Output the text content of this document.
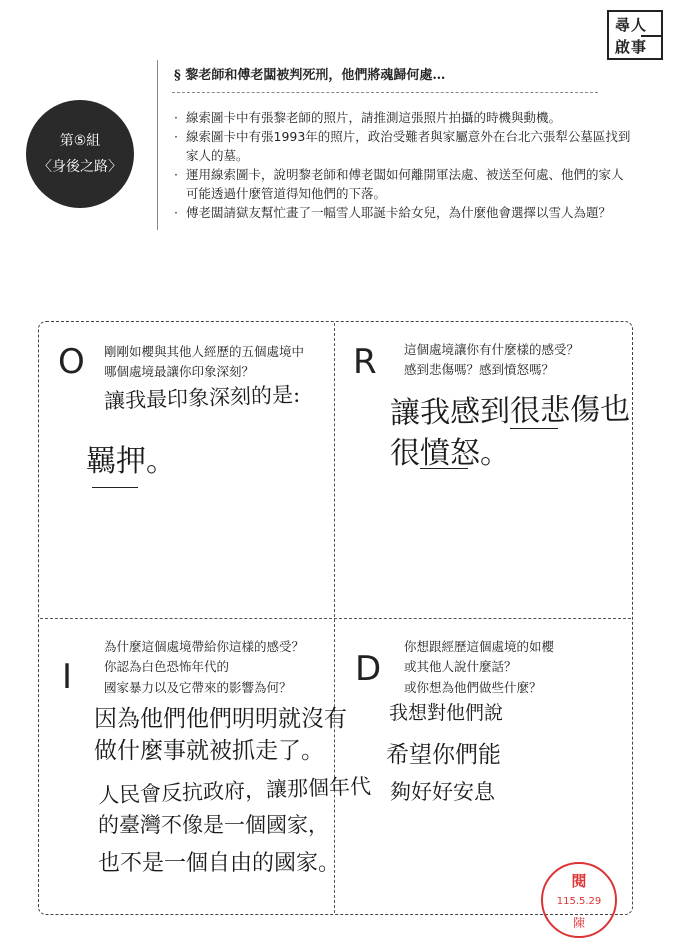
尋人
啟事
第⑤組
〈身後之路〉
§ 黎老師和傅老闆被判死刑，他們將魂歸何處…
· 線索圖卡中有張黎老師的照片，請推測這張照片拍攝的時機與動機。
· 線索圖卡中有張1993年的照片，政治受難者與家屬意外在台北六張犁公墓區找到
家人的墓。
· 運用線索圖卡，說明黎老師和傅老闆如何離開軍法處、被送至何處、他們的家人
可能透過什麼管道得知他們的下落。
· 傅老闆請獄友幫忙畫了一幅雪人耶誕卡給女兒，為什麼他會選擇以雪人為題？
O 剛剛如櫻與其他人經歷的五個處境中
哪個處境最讓你印象深刻？
讓我最印象深刻的是:
羈押。
R 這個處境讓你有什麼樣的感受？
感到悲傷嗎？感到憤怒嗎？
讓我感到很悲傷也
很憤怒。
I
為什麼這個處境帶給你這樣的感受？
你認為白色恐怖年代的
國家暴力以及它帶來的影響為何？
因為他們他們明明就沒有
做什麼事就被抓走了。
人民會反抗政府，讓那個年代
的臺灣不像是一個國家，
也不是一個自由的國家。
D
你想跟經歷這個處境的如櫻
或其他人說什麼話？
或你想為他們做些什麼？
我想對他們說
希望你們能
夠好好安息
閱
115.5.29
陳
